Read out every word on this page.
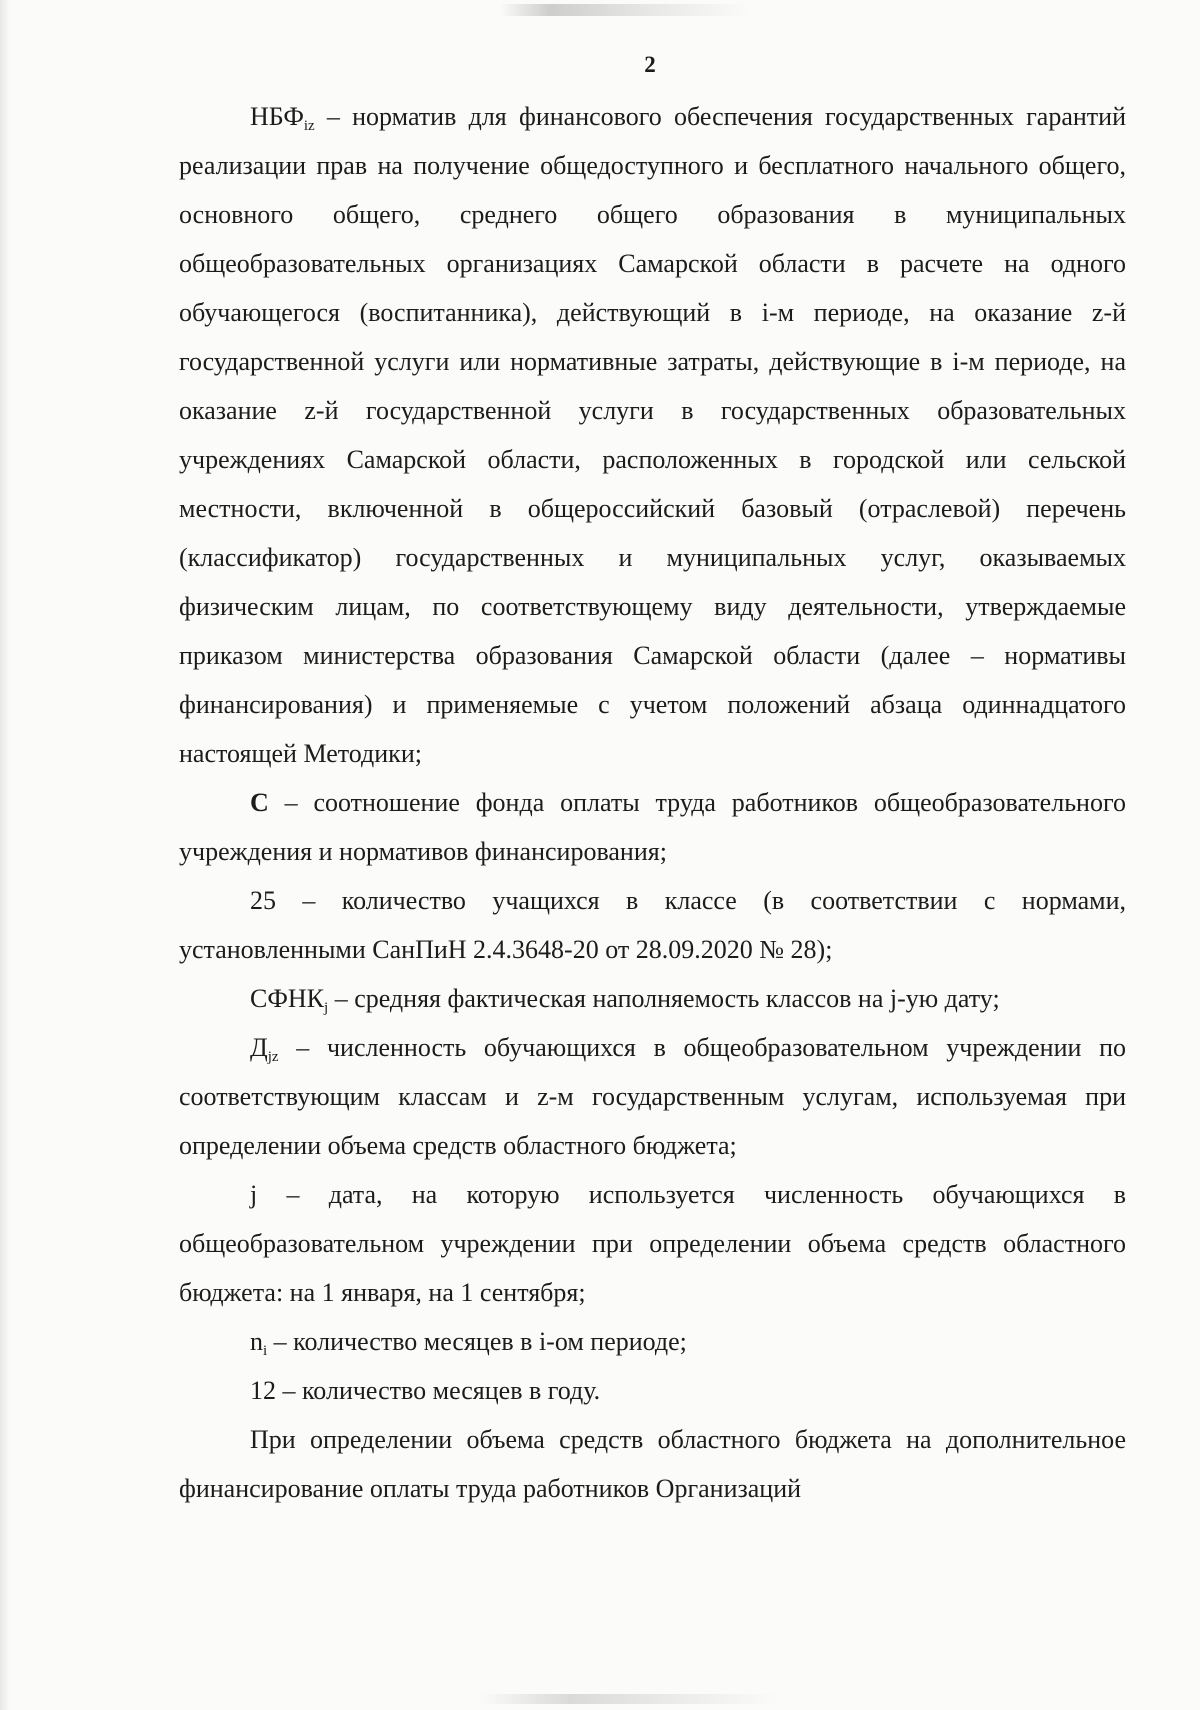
2

$НБФ_{iz}$ – норматив для финансового обеспечения государственных гарантий реализации прав на получение общедоступного и бесплатного начального общего, основного общего, среднего общего образования в муниципальных общеобразовательных организациях Самарской области в расчете на одного обучающегося (воспитанника), действующий в i-м периоде, на оказание z-й государственной услуги или нормативные затраты, действующие в i-м периоде, на оказание z-й государственной услуги в государственных образовательных учреждениях Самарской области, расположенных в городской или сельской местности, включенной в общероссийский базовый (отраслевой) перечень (классификатор) государственных и муниципальных услуг, оказываемых физическим лицам, по соответствующему виду деятельности, утверждаемые приказом министерства образования Самарской области (далее – нормативы финансирования) и применяемые с учетом положений абзаца одиннадцатого настоящей Методики;

С – соотношение фонда оплаты труда работников общеобразовательного учреждения и нормативов финансирования;

25 – количество учащихся в классе (в соответствии с нормами, установленными СанПиН 2.4.3648-20 от 28.09.2020 № 28);

$СФНК_j$ – средняя фактическая наполняемость классов на j-ую дату;

$Д_{jz}$ – численность обучающихся в общеобразовательном учреждении по соответствующим классам и z-м государственным услугам, используемая при определении объема средств областного бюджета;

j – дата, на которую используется численность обучающихся в общеобразовательном учреждении при определении объема средств областного бюджета: на 1 января, на 1 сентября;

$n_i$ – количество месяцев в i-ом периоде;

12 – количество месяцев в году.

При определении объема средств областного бюджета на дополнительное финансирование оплаты труда работников Организаций
